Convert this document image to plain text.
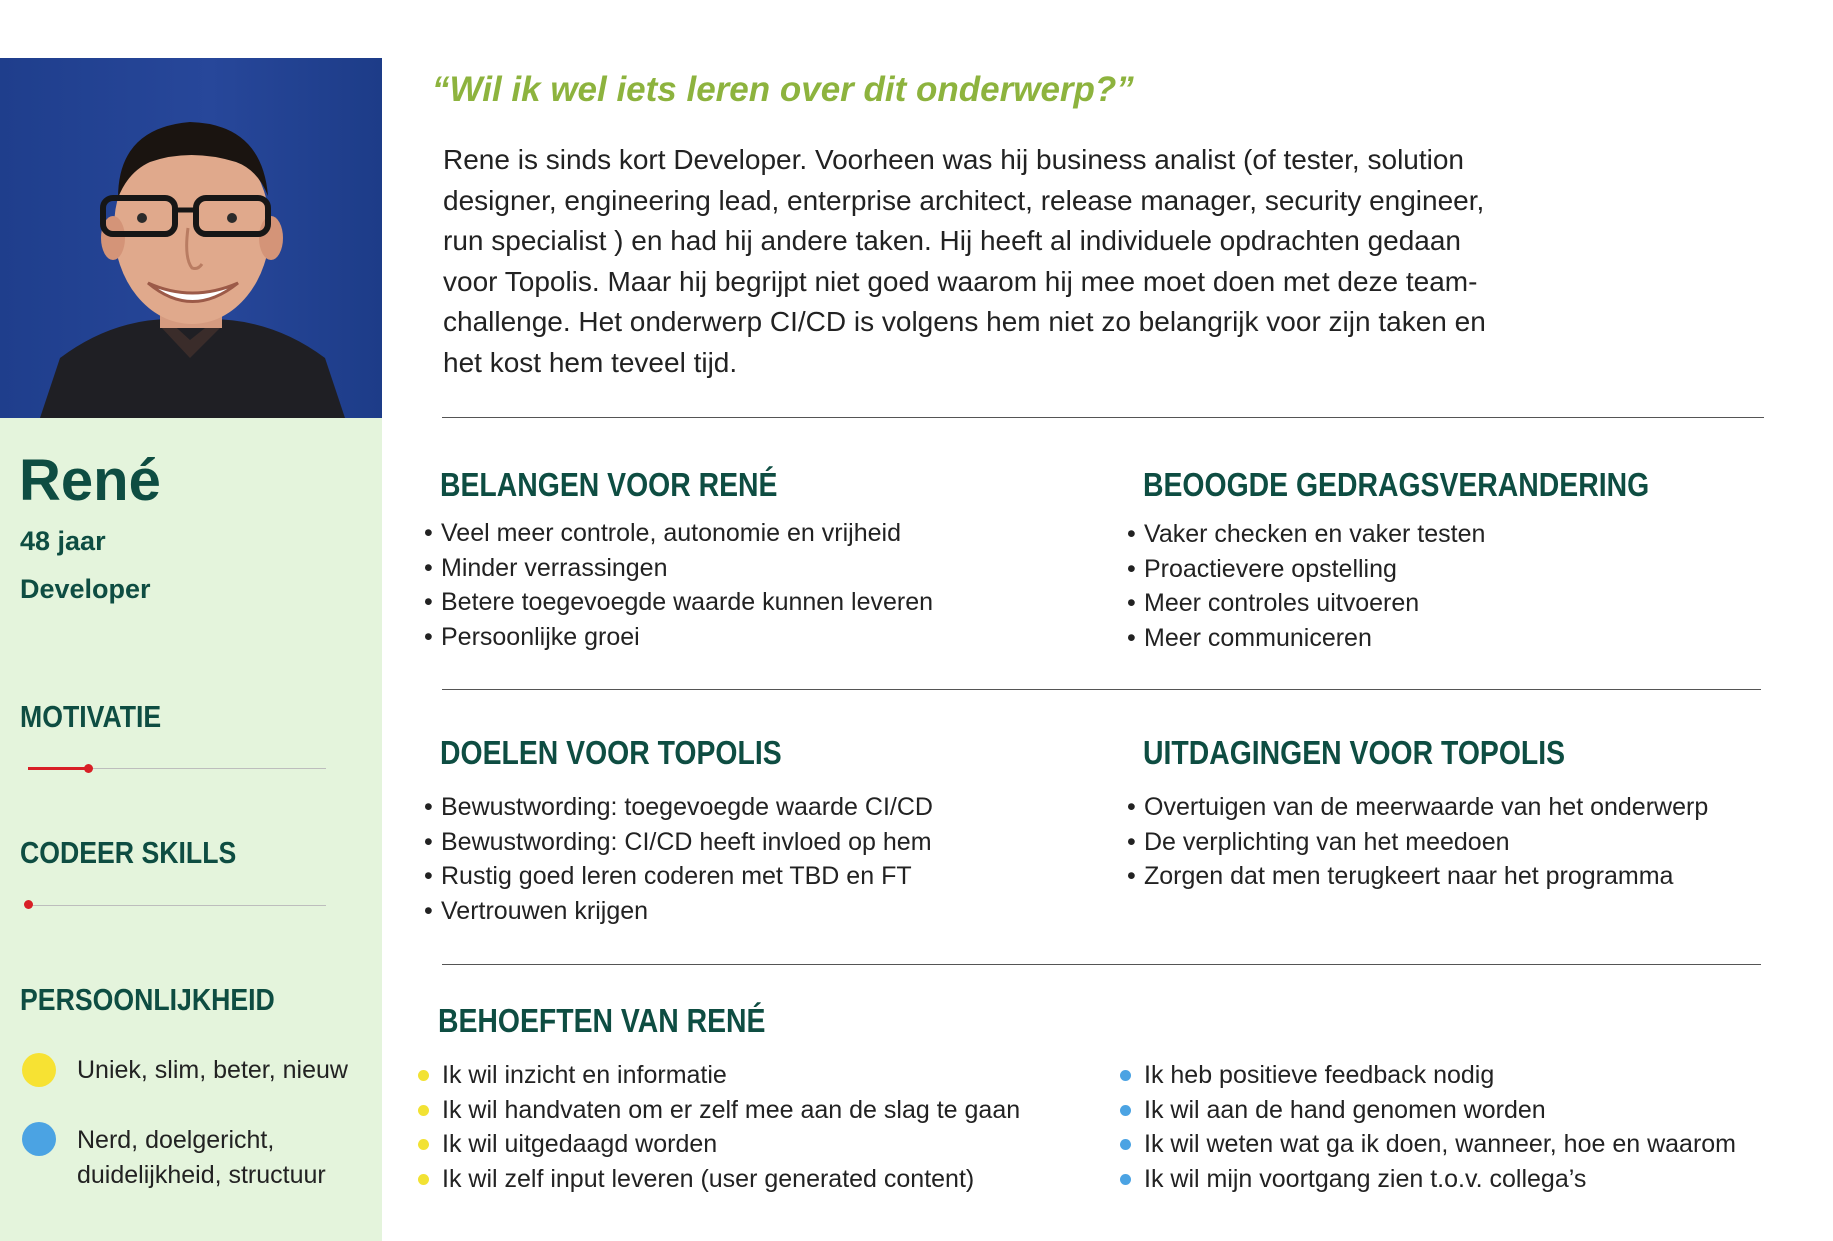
René
48 jaar
Developer
MOTIVATIE
CODEER SKILLS
PERSOONLIJKHEID
Uniek, slim, beter, nieuw
Nerd, doelgericht, duidelijkheid, structuur
“Wil ik wel iets leren over dit onderwerp?”
Rene is sinds kort Developer. Voorheen was hij business analist (of tester, solution designer, engineering lead, enterprise architect, release manager, security engineer, run specialist ) en had hij andere taken. Hij heeft al individuele opdrachten gedaan voor Topolis. Maar hij begrijpt niet goed waarom hij mee moet doen met deze team-challenge. Het onderwerp CI/CD is volgens hem niet zo belangrijk voor zijn taken en het kost hem teveel tijd.
BELANGEN VOOR RENÉ
• Veel meer controle, autonomie en vrijheid
• Minder verrassingen
• Betere toegevoegde waarde kunnen leveren
• Persoonlijke groei
BEOOGDE GEDRAGSVERANDERING
• Vaker checken en vaker testen
• Proactievere opstelling
• Meer controles uitvoeren
• Meer communiceren
DOELEN VOOR TOPOLIS
• Bewustwording: toegevoegde waarde CI/CD
• Bewustwording: CI/CD heeft invloed op hem
• Rustig goed leren coderen met TBD en FT
• Vertrouwen krijgen
UITDAGINGEN VOOR TOPOLIS
• Overtuigen van de meerwaarde van het onderwerp
• De verplichting van het meedoen
• Zorgen dat men terugkeert naar het programma
BEHOEFTEN VAN RENÉ
Ik wil inzicht en informatie
Ik wil handvaten om er zelf mee aan de slag te gaan
Ik wil uitgedaagd worden
Ik wil zelf input leveren (user generated content)
Ik heb positieve feedback nodig
Ik wil aan de hand genomen worden
Ik wil weten wat ga ik doen, wanneer, hoe en waarom
Ik wil mijn voortgang zien t.o.v. collega’s
